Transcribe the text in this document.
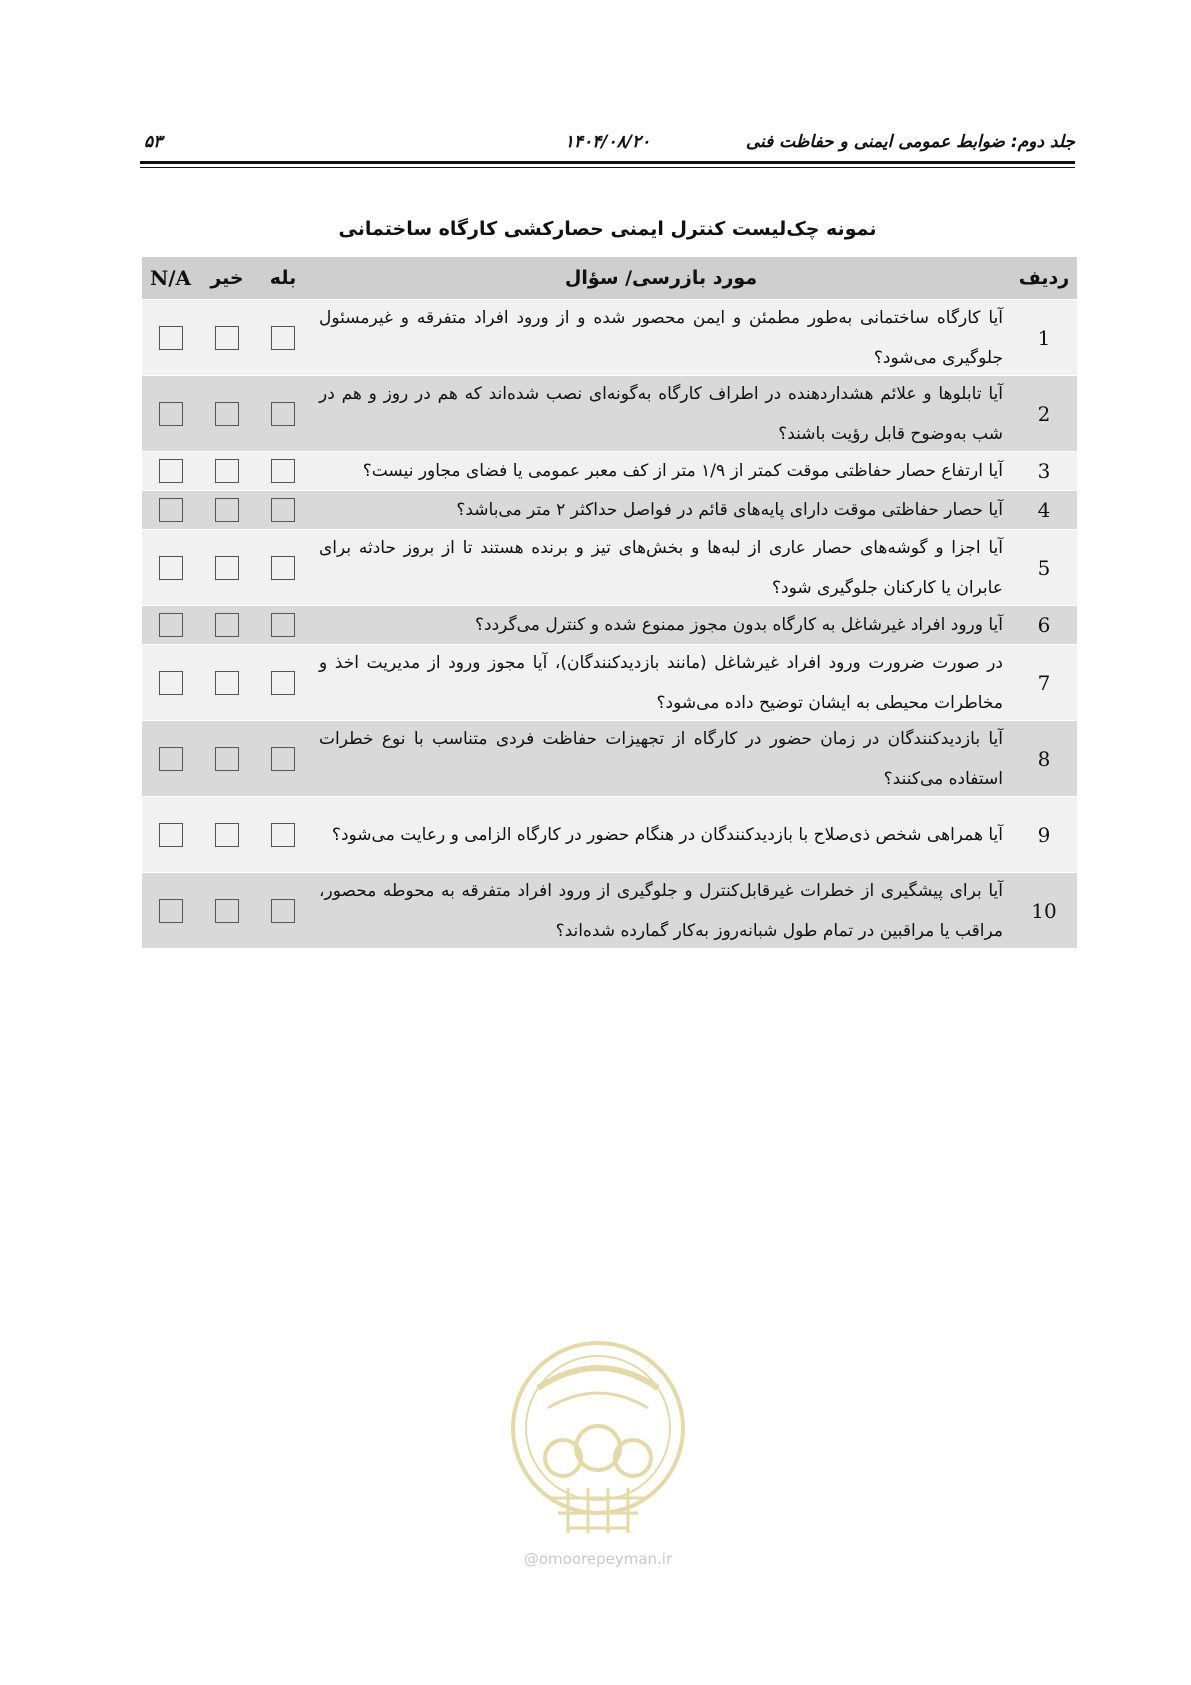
۵۳	۱۴۰۴/۰۸/۲۰	جلد دوم: ضوابط عمومی ایمنی و حفاظت فنی
نمونه چک‌لیست کنترل ایمنی حصارکشی کارگاه ساختمانی
ردیف
مورد بازرسی/ سؤال
بله
خیر
N/A
1
آیا کارگاه ساختمانی به‌طور مطمئن و ایمن محصور شده و از ورود افراد متفرقه و غیرمسئول جلوگیری می‌شود؟
2
آیا تابلوها و علائم هشداردهنده در اطراف کارگاه به‌گونه‌ای نصب شده‌اند که هم در روز و هم در شب به‌وضوح قابل رؤیت باشند؟
3
آیا ارتفاع حصار حفاظتی موقت کمتر از ۱/۹ متر از کف معبر عمومی یا فضای مجاور نیست؟
4
آیا حصار حفاظتی موقت دارای پایه‌های قائم در فواصل حداکثر ۲ متر می‌باشد؟
5
آیا اجزا و گوشه‌های حصار عاری از لبه‌ها و بخش‌های تیز و برنده هستند تا از بروز حادثه برای عابران یا کارکنان جلوگیری شود؟
6
آیا ورود افراد غیرشاغل به کارگاه بدون مجوز ممنوع شده و کنترل می‌گردد؟
7
در صورت ضرورت ورود افراد غیرشاغل (مانند بازدیدکنندگان)، آیا مجوز ورود از مدیریت اخذ و مخاطرات محیطی به ایشان توضیح داده می‌شود؟
8
آیا بازدیدکنندگان در زمان حضور در کارگاه از تجهیزات حفاظت فردی متناسب با نوع خطرات استفاده می‌کنند؟
9
آیا همراهی شخص ذی‌صلاح با بازدیدکنندگان در هنگام حضور در کارگاه الزامی و رعایت می‌شود؟
10
آیا برای پیشگیری از خطرات غیرقابل‌کنترل و جلوگیری از ورود افراد متفرقه به محوطه محصور، مراقب یا مراقبین در تمام طول شبانه‌روز به‌کار گمارده شده‌اند؟
@omoorepeyman.ir
